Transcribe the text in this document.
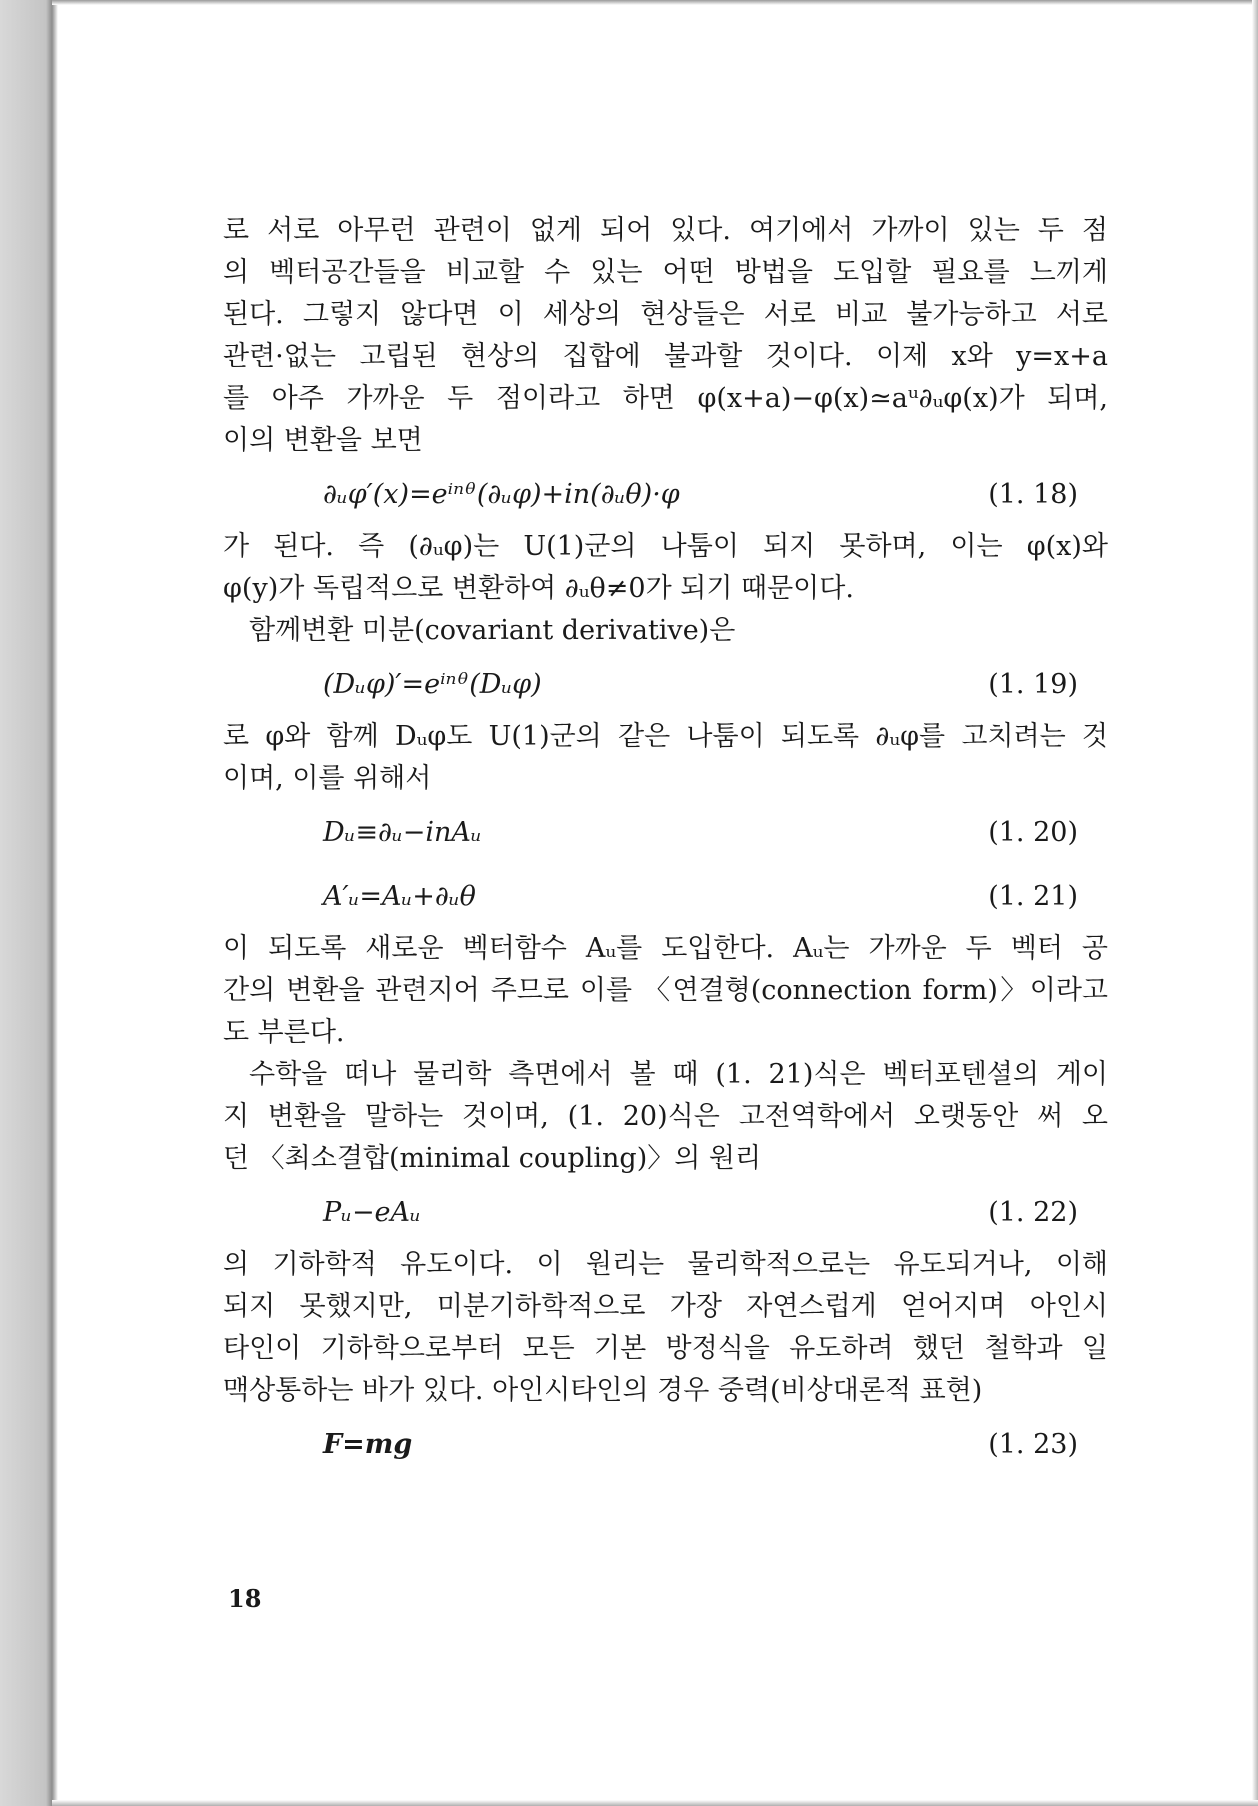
로 서로 아무런 관련이 없게 되어 있다. 여기에서 가까이 있는 두 점
의 벡터공간들을 비교할 수 있는 어떤 방법을 도입할 필요를 느끼게
된다. 그렇지 않다면 이 세상의 현상들은 서로 비교 불가능하고 서로
관련·없는 고립된 현상의 집합에 불과할 것이다. 이제 x와 y=x+a
를 아주 가까운 두 점이라고 하면 φ(x+a)−φ(x)≃aᵘ∂ᵤφ(x)가 되며,
이의 변환을 보면

∂ᵤφ′(x)=eⁱⁿᶿ(∂ᵤφ)+in(∂ᵤθ)·φ	(1. 18)

가 된다. 즉 (∂ᵤφ)는 U(1)군의 나툼이 되지 못하며, 이는 φ(x)와
φ(y)가 독립적으로 변환하여 ∂ᵤθ≠0가 되기 때문이다.

함께변환 미분(covariant derivative)은

(Dᵤφ)′=eⁱⁿᶿ(Dᵤφ)	(1. 19)

로 φ와 함께 Dᵤφ도 U(1)군의 같은 나툼이 되도록 ∂ᵤφ를 고치려는 것
이며, 이를 위해서

Dᵤ≡∂ᵤ−inAᵤ	(1. 20)
A′ᵤ=Aᵤ+∂ᵤθ	(1. 21)

이 되도록 새로운 벡터함수 Aᵤ를 도입한다. Aᵤ는 가까운 두 벡터 공
간의 변환을 관련지어 주므로 이를 〈연결형(connection form)〉이라고
도 부른다.

수학을 떠나 물리학 측면에서 볼 때 (1. 21)식은 벡터포텐셜의 게이
지 변환을 말하는 것이며, (1. 20)식은 고전역학에서 오랫동안 써 오
던 〈최소결합(minimal coupling)〉의 원리

Pᵤ−eAᵤ	(1. 22)

의 기하학적 유도이다. 이 원리는 물리학적으로는 유도되거나, 이해
되지 못했지만, 미분기하학적으로 가장 자연스럽게 얻어지며 아인시
타인이 기하학으로부터 모든 기본 방정식을 유도하려 했던 철학과 일
맥상통하는 바가 있다. 아인시타인의 경우 중력(비상대론적 표현)

F=mg	(1. 23)
18
